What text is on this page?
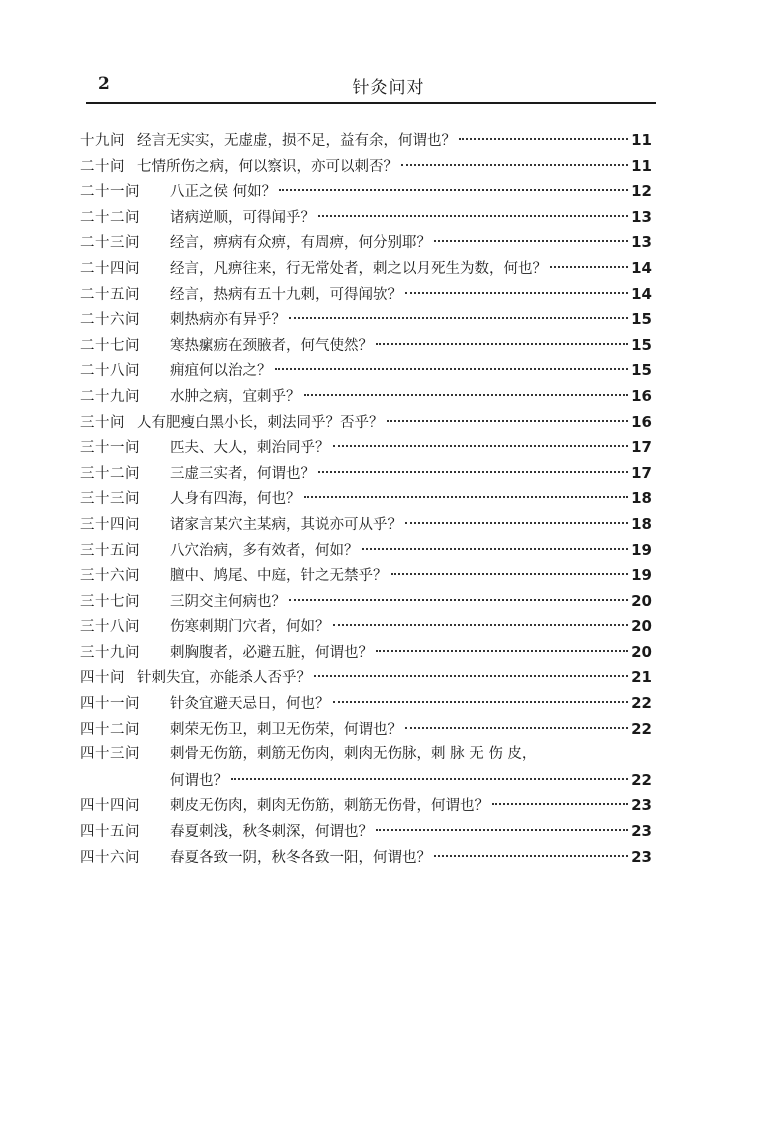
2	针灸问对
十九问 经言无实实，无虚虚，损不足，益有余，何谓也？	11
二十问 七情所伤之病，何以察识，亦可以刺否？	11
二十一问	八正之侯 何如？	12
二十二问	诸病逆顺，可得闻乎？	13
二十三问	经言，痹病有众痹，有周痹，何分别耶？	13
二十四问	经言，凡痹往来，行无常处者，刺之以月死生为数，何也？	14
二十五问	经言，热病有五十九刺，可得闻欤？	14
二十六问	刺热病亦有异乎？	15
二十七问	寒热瘰疬在颈腋者，何气使然？	15
二十八问	痈疽何以治之？	15
二十九问	水肿之病，宜刺乎？	16
三十问 人有肥瘦白黑小长，刺法同乎？否乎？	16
三十一问	匹夫、大人，刺治同乎？	17
三十二问	三虚三实者，何谓也？	17
三十三问	人身有四海，何也？	18
三十四问	诸家言某穴主某病，其说亦可从乎？	18
三十五问	八穴治病，多有效者，何如？	19
三十六问	膻中、鸠尾、中庭，针之无禁乎？	19
三十七问	三阴交主何病也？	20
三十八问	伤寒刺期门穴者，何如？	20
三十九问	刺胸腹者，必避五脏，何谓也？	20
四十问 针刺失宜，亦能杀人否乎？	21
四十一问	针灸宜避天忌日，何也？	22
四十二问	刺荣无伤卫，刺卫无伤荣，何谓也？	22
四十三问	刺骨无伤筋，刺筋无伤肉，刺肉无伤脉，刺 脉 无 伤 皮，
何谓也？	22
四十四问	刺皮无伤肉，刺肉无伤筋，刺筋无伤骨，何谓也？	23
四十五问	春夏刺浅，秋冬刺深，何谓也？	23
四十六问	春夏各致一阴，秋冬各致一阳，何谓也？	23
